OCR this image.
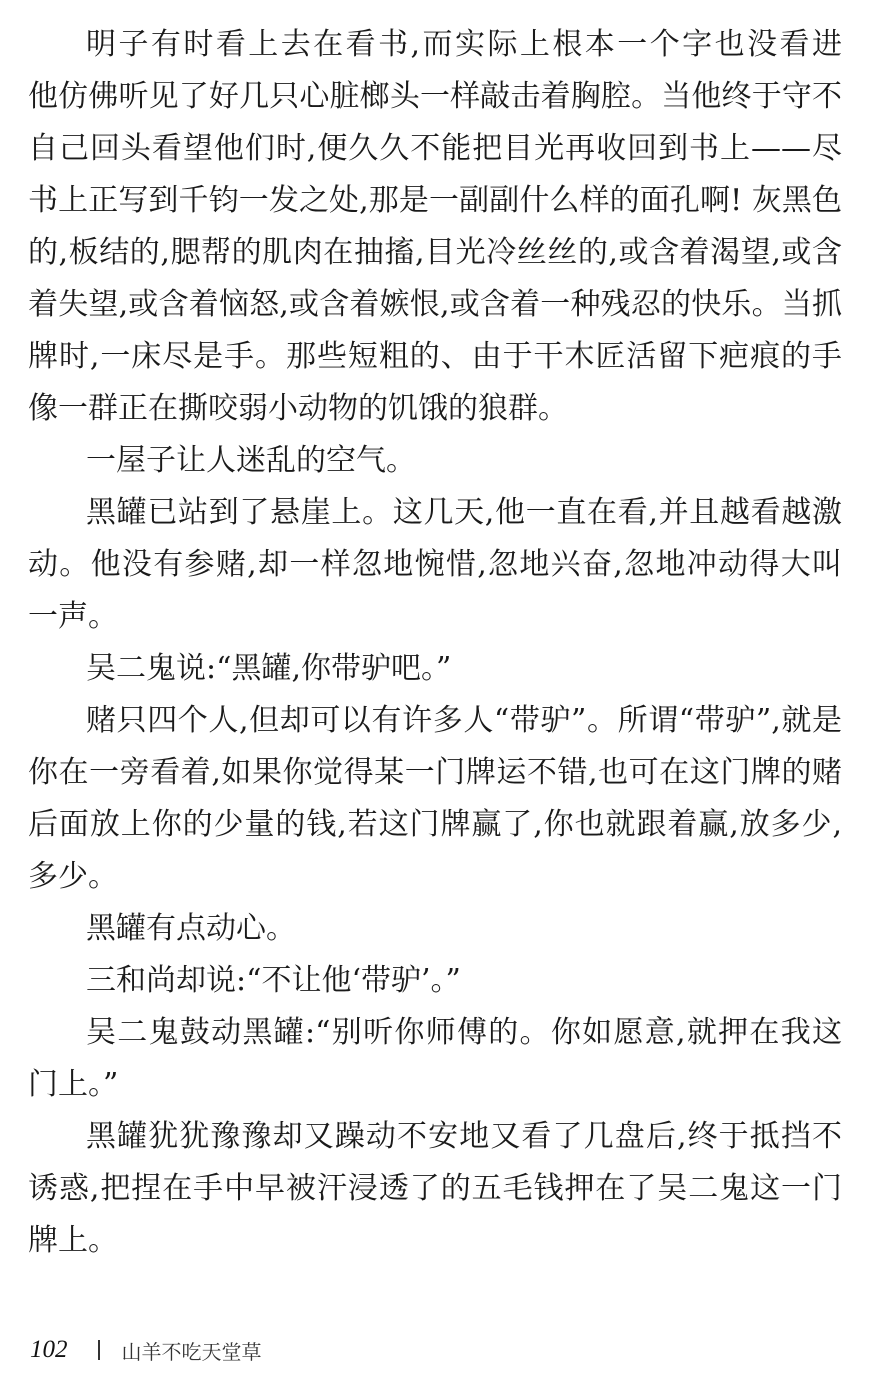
明子有时看上去在看书,而实际上根本一个字也没看进
他仿佛听见了好几只心脏榔头一样敲击着胸腔。当他终于守不
自己回头看望他们时,便久久不能把目光再收回到书上——尽
书上正写到千钧一发之处,那是一副副什么样的面孔啊! 灰黑色
的,板结的,腮帮的肌肉在抽搐,目光冷丝丝的,或含着渴望,或含
着失望,或含着恼怒,或含着嫉恨,或含着一种残忍的快乐。当抓
牌时,一床尽是手。那些短粗的、由于干木匠活留下疤痕的手
像一群正在撕咬弱小动物的饥饿的狼群。
一屋子让人迷乱的空气。
黑罐已站到了悬崖上。这几天,他一直在看,并且越看越激
动。他没有参赌,却一样忽地惋惜,忽地兴奋,忽地冲动得大叫
一声。
吴二鬼说:“黑罐,你带驴吧。”
赌只四个人,但却可以有许多人“带驴”。所谓“带驴”,就是
你在一旁看着,如果你觉得某一门牌运不错,也可在这门牌的赌
后面放上你的少量的钱,若这门牌赢了,你也就跟着赢,放多少,
多少。
黑罐有点动心。
三和尚却说:“不让他‘带驴’。”
吴二鬼鼓动黑罐:“别听你师傅的。你如愿意,就押在我这
门上。”
黑罐犹犹豫豫却又躁动不安地又看了几盘后,终于抵挡不
诱惑,把捏在手中早被汗浸透了的五毛钱押在了吴二鬼这一门
牌上。
102	山羊不吃天堂草
